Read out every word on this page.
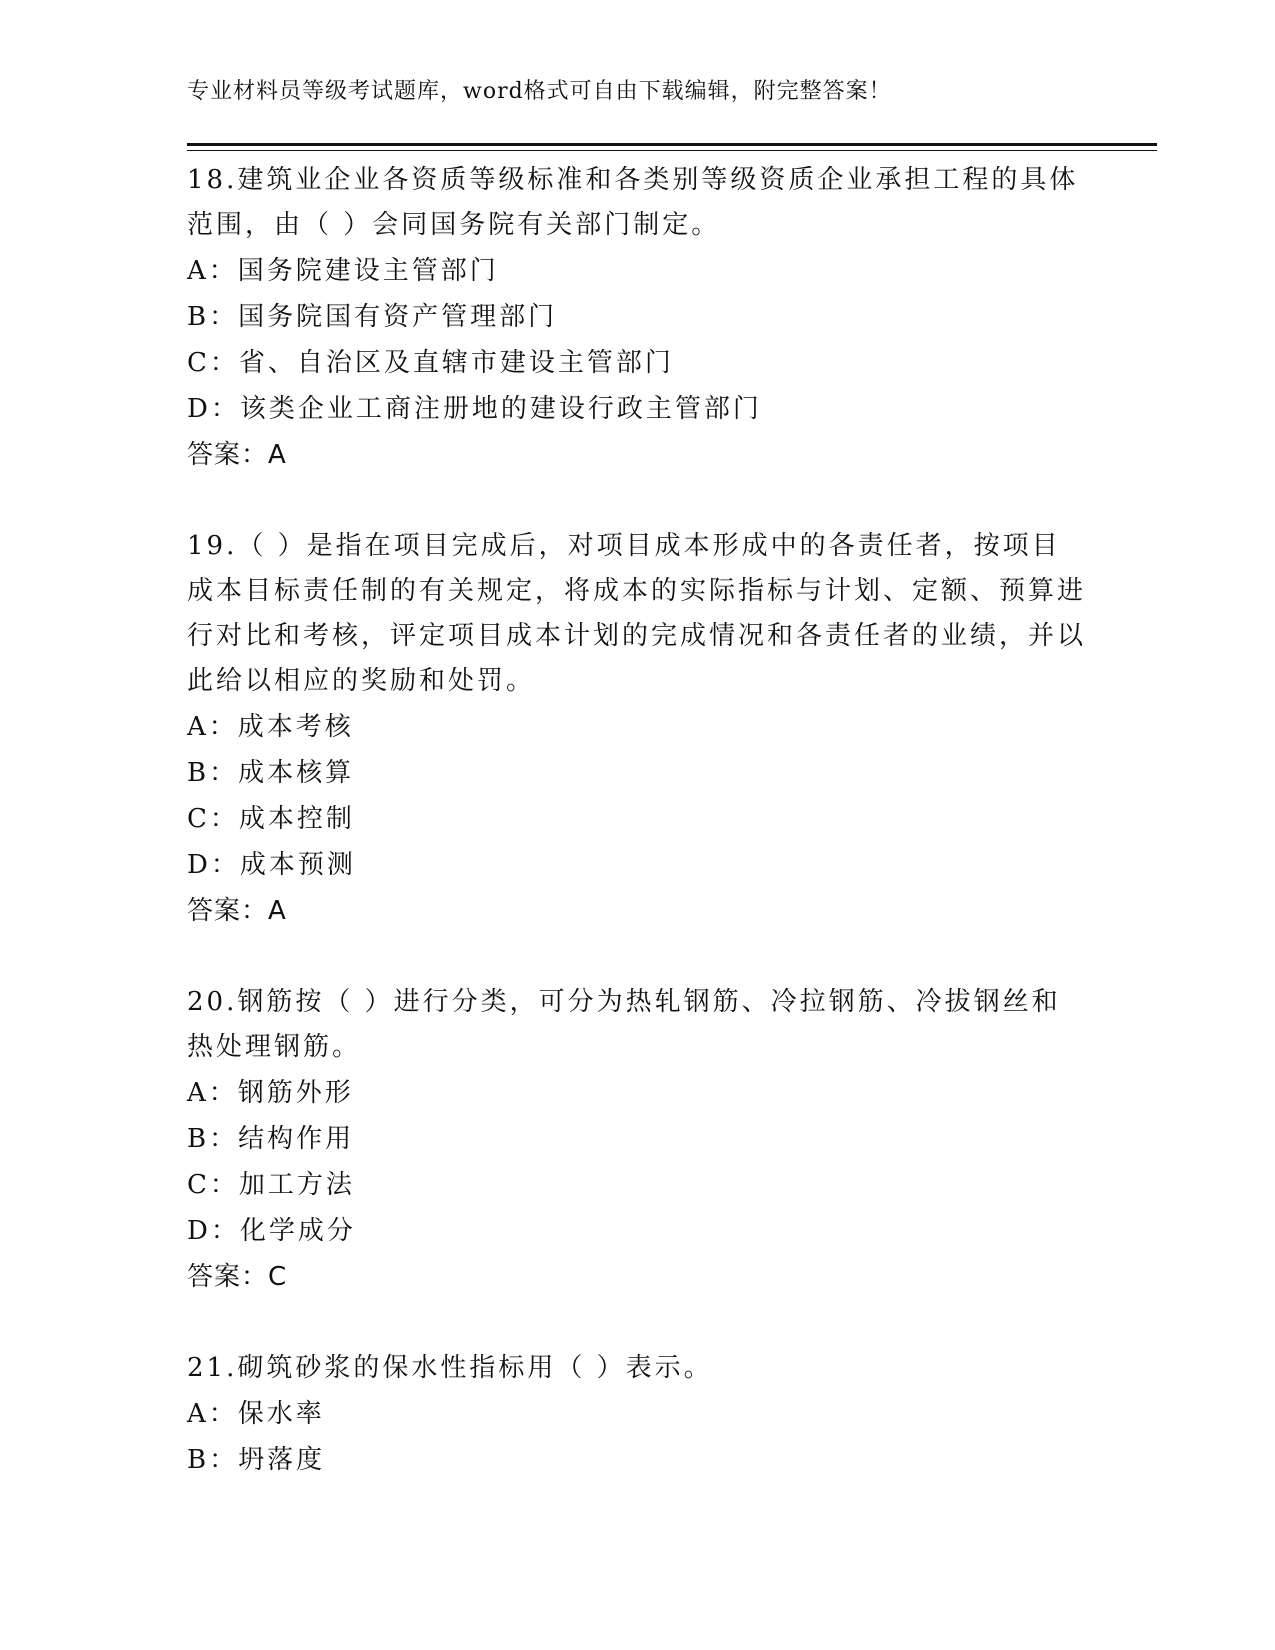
专业材料员等级考试题库，word格式可自由下载编辑，附完整答案！

18.建筑业企业各资质等级标准和各类别等级资质企业承担工程的具体范围，由（ ）会同国务院有关部门制定。

A：国务院建设主管部门

B：国务院国有资产管理部门

C：省、自治区及直辖市建设主管部门

D：该类企业工商注册地的建设行政主管部门

答案：A

19.（ ）是指在项目完成后，对项目成本形成中的各责任者，按项目成本目标责任制的有关规定，将成本的实际指标与计划、定额、预算进行对比和考核，评定项目成本计划的完成情况和各责任者的业绩，并以此给以相应的奖励和处罚。

A：成本考核

B：成本核算

C：成本控制

D：成本预测

答案：A

20.钢筋按（ ）进行分类，可分为热轧钢筋、冷拉钢筋、冷拔钢丝和热处理钢筋。

A：钢筋外形

B：结构作用

C：加工方法

D：化学成分

答案：C

21.砌筑砂浆的保水性指标用（ ）表示。

A：保水率

B：坍落度
